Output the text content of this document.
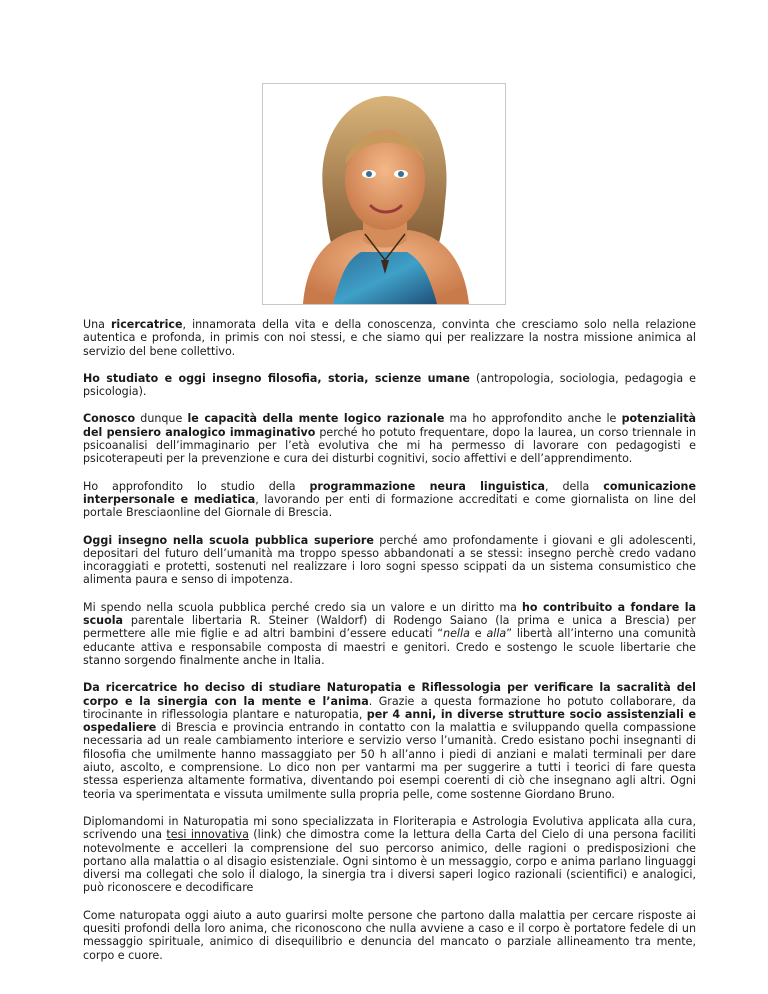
Una ricercatrice, innamorata della vita e della conoscenza, convinta che cresciamo solo nella relazione autentica e profonda, in primis con noi stessi, e che siamo qui per realizzare la nostra missione animica al servizio del bene collettivo.

Ho studiato e oggi insegno filosofia, storia, scienze umane (antropologia, sociologia, pedagogia e psicologia).

Conosco dunque le capacità della mente logico razionale ma ho approfondito anche le potenzialità del pensiero analogico immaginativo perché ho potuto frequentare, dopo la laurea, un corso triennale in psicoanalisi dell’immaginario per l’età evolutiva che mi ha permesso di lavorare con pedagogisti e psicoterapeuti per la prevenzione e cura dei disturbi cognitivi, socio affettivi e dell’apprendimento.

Ho approfondito lo studio della programmazione neura linguistica, della comunicazione interpersonale e mediatica, lavorando per enti di formazione accreditati e come giornalista on line del portale Bresciaonline del Giornale di Brescia.

Oggi insegno nella scuola pubblica superiore perché amo profondamente i giovani e gli adolescenti, depositari del futuro dell’umanità ma troppo spesso abbandonati a se stessi: insegno perchè credo vadano incoraggiati e protetti, sostenuti nel realizzare i loro sogni spesso scippati da un sistema consumistico che alimenta paura e senso di impotenza.

Mi spendo nella scuola pubblica perché credo sia un valore e un diritto ma ho contribuito a fondare la scuola parentale libertaria R. Steiner (Waldorf) di Rodengo Saiano (la prima e unica a Brescia) per permettere alle mie figlie e ad altri bambini d’essere educati “nella e alla” libertà all’interno una comunità educante attiva e responsabile composta di maestri e genitori. Credo e sostengo le scuole libertarie che stanno sorgendo finalmente anche in Italia.

Da ricercatrice ho deciso di studiare Naturopatia e Riflessologia per verificare la sacralità del corpo e la sinergia con la mente e l’anima. Grazie a questa formazione ho potuto collaborare, da tirocinante in riflessologia plantare e naturopatia, per 4 anni, in diverse strutture socio assistenziali e ospedaliere di Brescia e provincia entrando in contatto con la malattia e sviluppando quella compassione necessaria ad un reale cambiamento interiore e servizio verso l’umanità. Credo esistano pochi insegnanti di filosofia che umilmente hanno massaggiato per 50 h all’anno i piedi di anziani e malati terminali per dare aiuto, ascolto, e comprensione. Lo dico non per vantarmi ma per suggerire a tutti i teorici di fare questa stessa esperienza altamente formativa, diventando poi esempi coerenti di ciò che insegnano agli altri. Ogni teoria va sperimentata e vissuta umilmente sulla propria pelle, come sostenne Giordano Bruno.

Diplomandomi in Naturopatia mi sono specializzata in Floriterapia e Astrologia Evolutiva applicata alla cura, scrivendo una tesi innovativa (link) che dimostra come la lettura della Carta del Cielo di una persona faciliti notevolmente e accelleri la comprensione del suo percorso animico, delle ragioni o predisposizioni che portano alla malattia o al disagio esistenziale. Ogni sintomo è un messaggio, corpo e anima parlano linguaggi diversi ma collegati che solo il dialogo, la sinergia tra i diversi saperi logico razionali (scientifici) e analogici, può riconoscere e decodificare

Come naturopata oggi aiuto a auto guarirsi molte persone che partono dalla malattia per cercare risposte ai quesiti profondi della loro anima, che riconoscono che nulla avviene a caso e il corpo è portatore fedele di un messaggio spirituale, animico di disequilibrio e denuncia del mancato o parziale allineamento tra mente, corpo e cuore.
